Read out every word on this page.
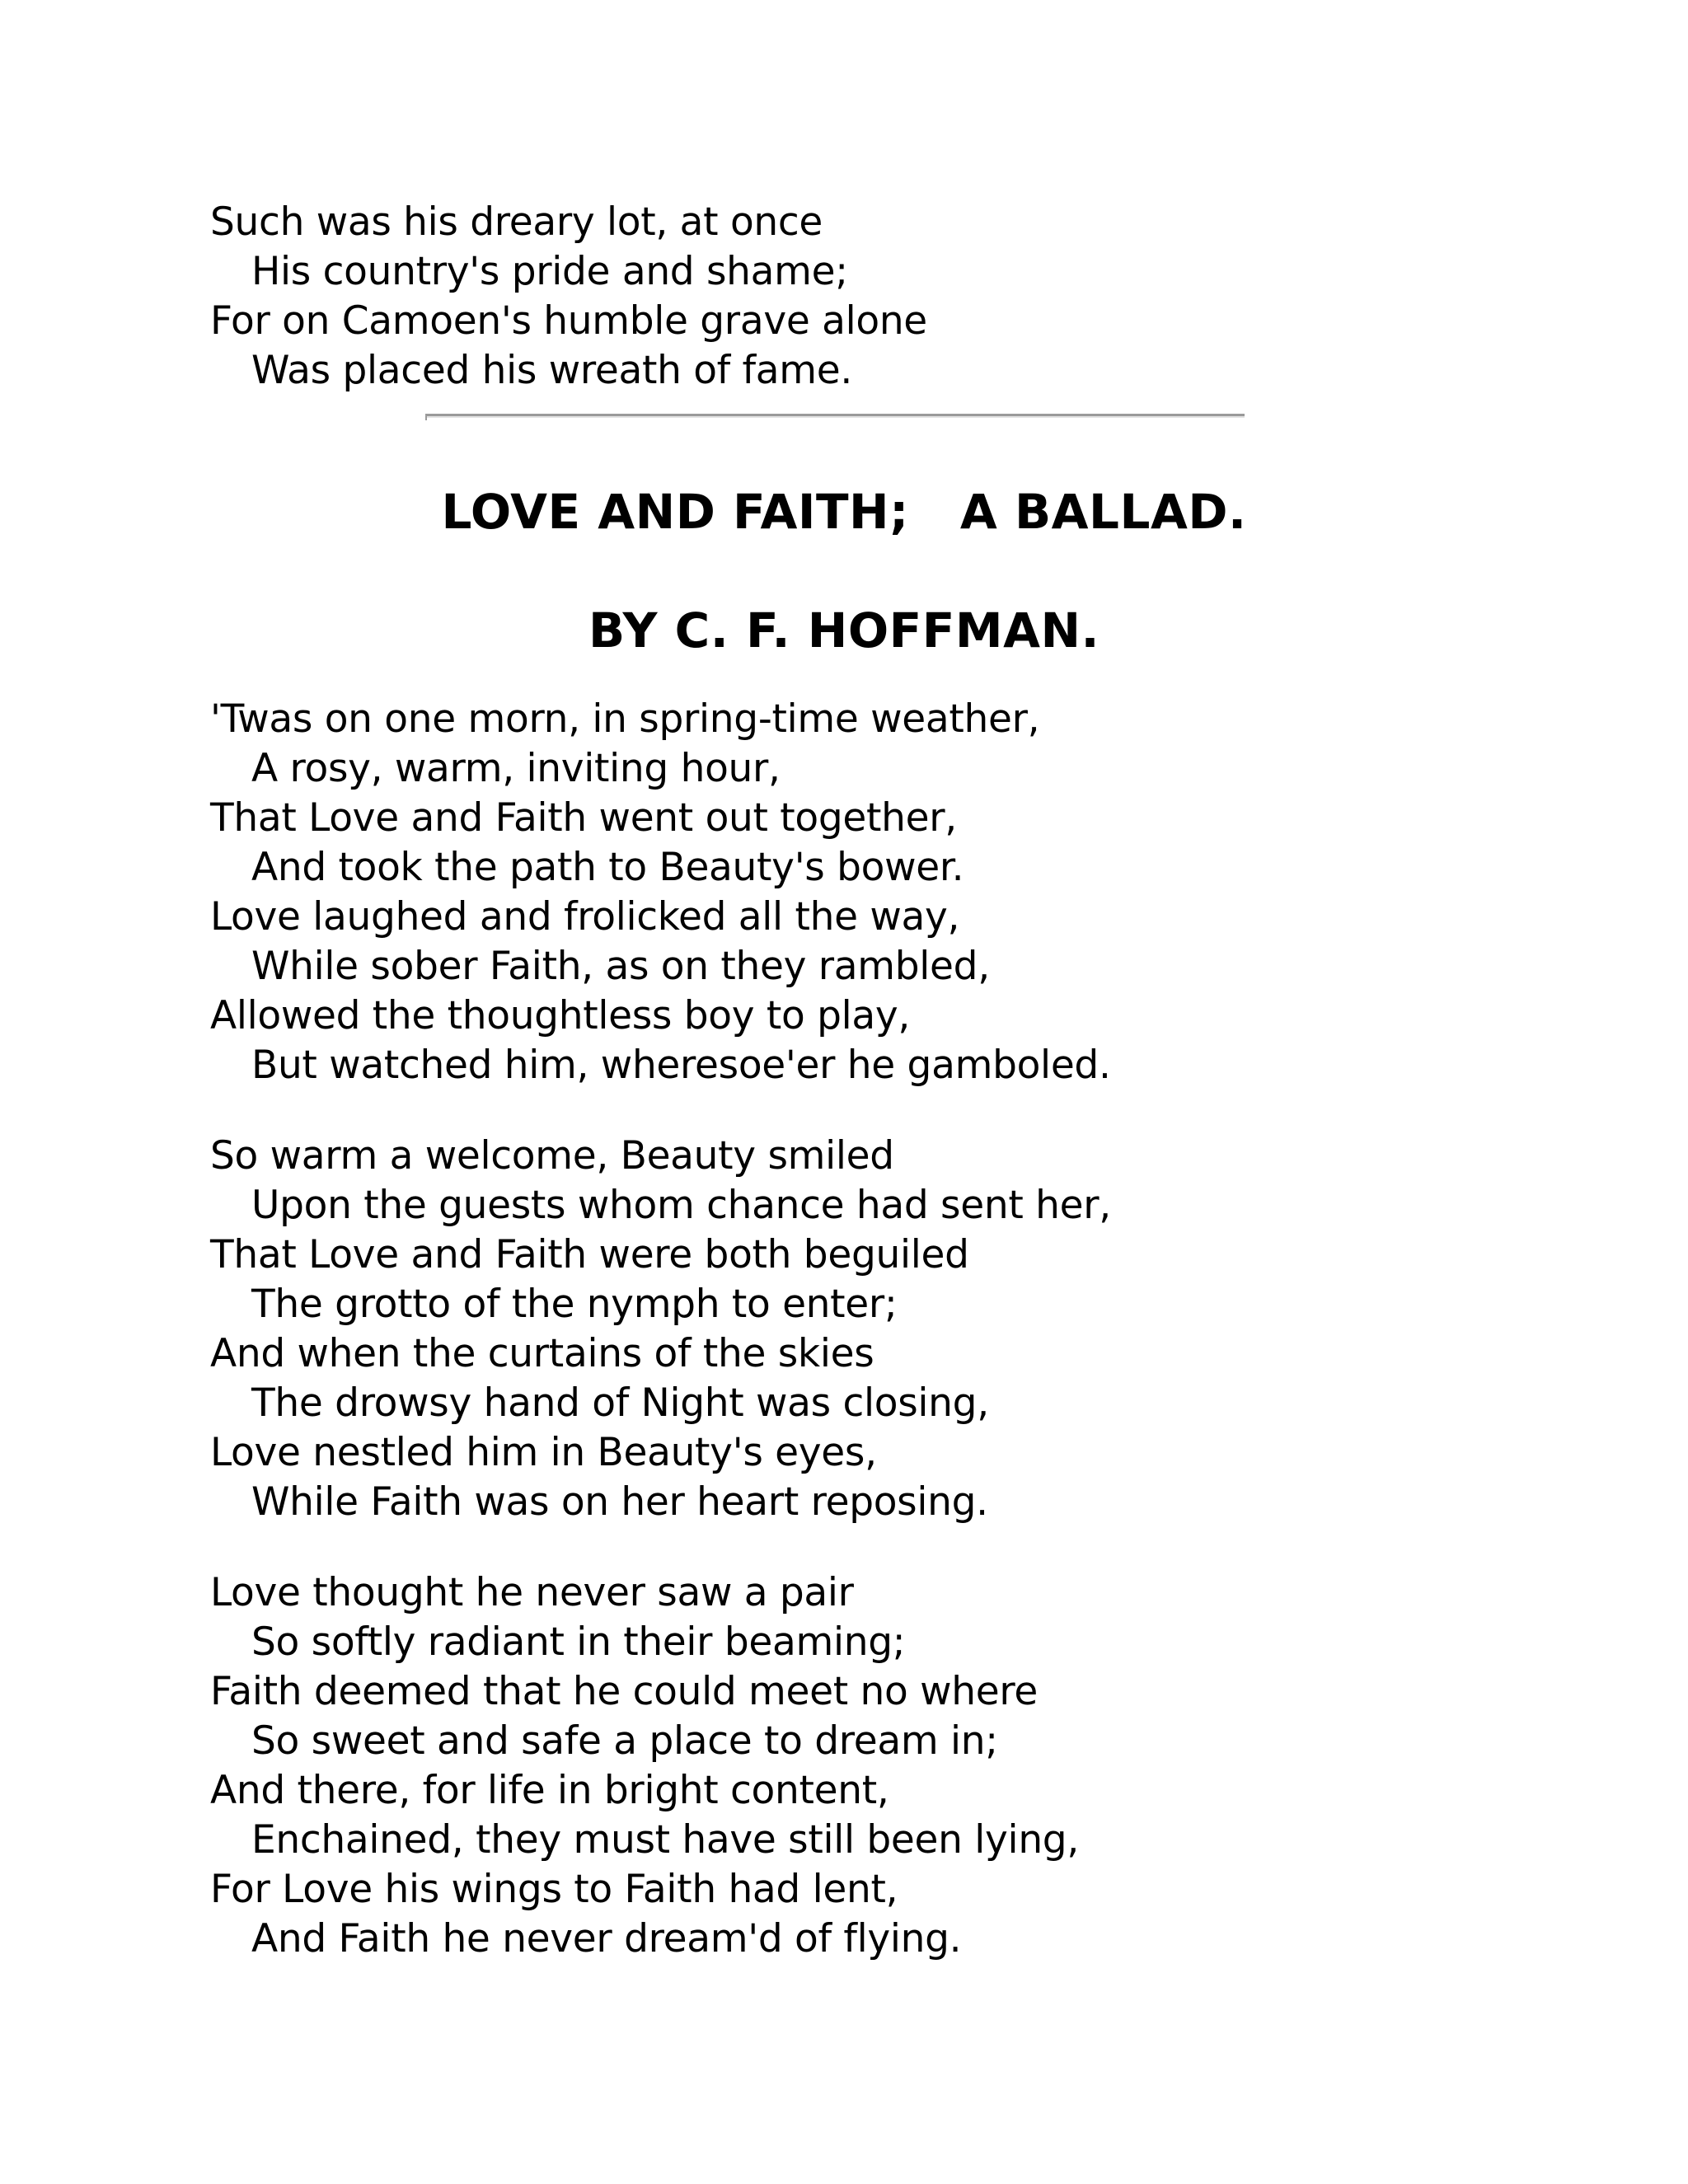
Such was his dreary lot, at once
His country's pride and shame;
For on Camoen's humble grave alone
Was placed his wreath of fame.
LOVE AND FAITH;   A BALLAD.
BY C. F. HOFFMAN.
'Twas on one morn, in spring-time weather,
A rosy, warm, inviting hour,
That Love and Faith went out together,
And took the path to Beauty's bower.
Love laughed and frolicked all the way,
While sober Faith, as on they rambled,
Allowed the thoughtless boy to play,
But watched him, wheresoe'er he gamboled.
So warm a welcome, Beauty smiled
Upon the guests whom chance had sent her,
That Love and Faith were both beguiled
The grotto of the nymph to enter;
And when the curtains of the skies
The drowsy hand of Night was closing,
Love nestled him in Beauty's eyes,
While Faith was on her heart reposing.
Love thought he never saw a pair
So softly radiant in their beaming;
Faith deemed that he could meet no where
So sweet and safe a place to dream in;
And there, for life in bright content,
Enchained, they must have still been lying,
For Love his wings to Faith had lent,
And Faith he never dream'd of flying.
